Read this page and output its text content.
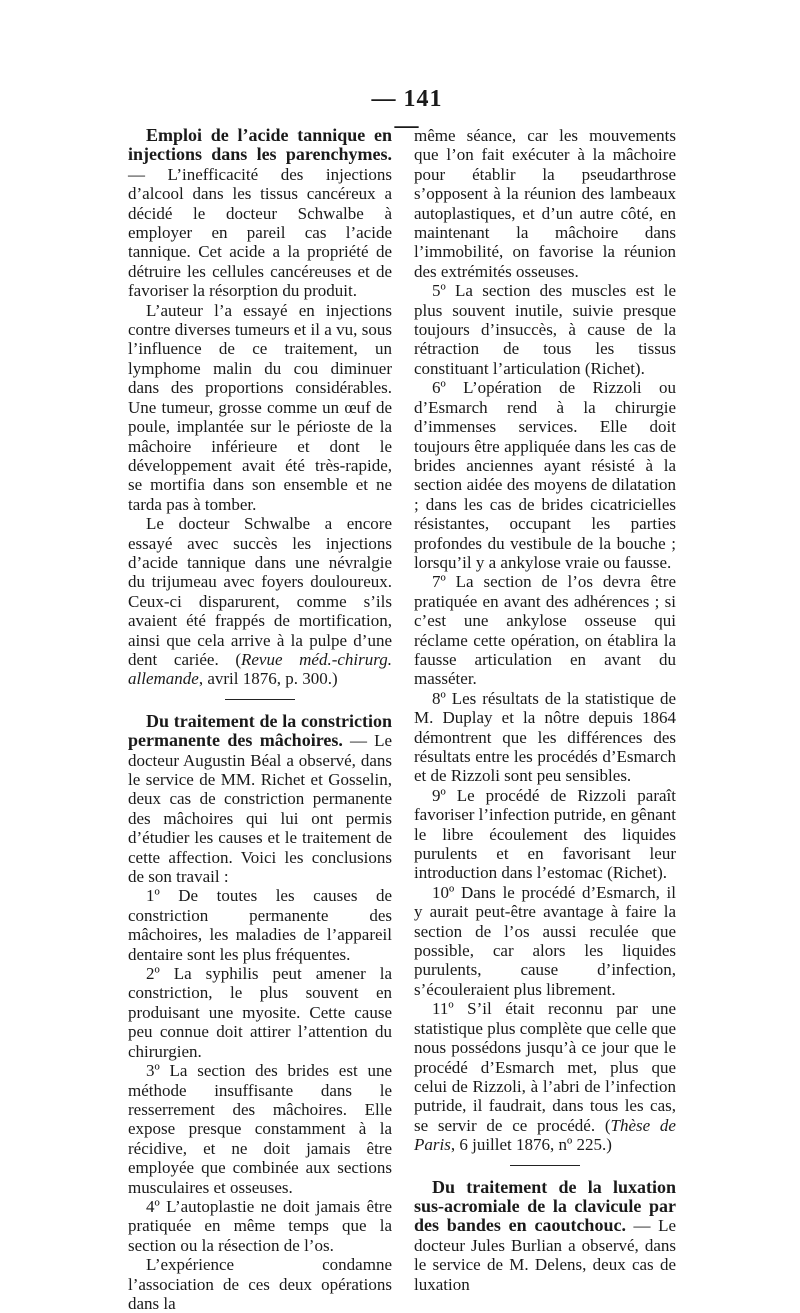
— 141 —

Emploi de l’acide tannique en injections dans les parenchymes. — L’inefficacité des injections d’alcool dans les tissus cancéreux a décidé le docteur Schwalbe à employer en pareil cas l’acide tannique. Cet acide a la propriété de détruire les cellules cancéreuses et de favoriser la résorption du produit.

L’auteur l’a essayé en injections contre diverses tumeurs et il a vu, sous l’influence de ce traitement, un lymphome malin du cou diminuer dans des proportions considérables. Une tumeur, grosse comme un œuf de poule, implantée sur le périoste de la mâchoire inférieure et dont le développement avait été très-rapide, se mortifia dans son ensemble et ne tarda pas à tomber.

Le docteur Schwalbe a encore essayé avec succès les injections d’acide tannique dans une névralgie du trijumeau avec foyers douloureux. Ceux-ci disparurent, comme s’ils avaient été frappés de mortification, ainsi que cela arrive à la pulpe d’une dent cariée. (Revue méd.-chirurg. allemande, avril 1876, p. 300.)

Du traitement de la constriction permanente des mâchoires. — Le docteur Augustin Béal a observé, dans le service de MM. Richet et Gosselin, deux cas de constriction permanente des mâchoires qui lui ont permis d’étudier les causes et le traitement de cette affection. Voici les conclusions de son travail :

1º De toutes les causes de constriction permanente des mâchoires, les maladies de l’appareil dentaire sont les plus fréquentes.

2º La syphilis peut amener la constriction, le plus souvent en produisant une myosite. Cette cause peu connue doit attirer l’attention du chirurgien.

3º La section des brides est une méthode insuffisante dans le resserrement des mâchoires. Elle expose presque constamment à la récidive, et ne doit jamais être employée que combinée aux sections musculaires et osseuses.

4º L’autoplastie ne doit jamais être pratiquée en même temps que la section ou la résection de l’os.

L’expérience condamne l’association de ces deux opérations dans la

même séance, car les mouvements que l’on fait exécuter à la mâchoire pour établir la pseudarthrose s’opposent à la réunion des lambeaux autoplastiques, et d’un autre côté, en maintenant la mâchoire dans l’immobilité, on favorise la réunion des extrémités osseuses.

5º La section des muscles est le plus souvent inutile, suivie presque toujours d’insuccès, à cause de la rétraction de tous les tissus constituant l’articulation (Richet).

6º L’opération de Rizzoli ou d’Esmarch rend à la chirurgie d’immenses services. Elle doit toujours être appliquée dans les cas de brides anciennes ayant résisté à la section aidée des moyens de dilatation ; dans les cas de brides cicatricielles résistantes, occupant les parties profondes du vestibule de la bouche ; lorsqu’il y a ankylose vraie ou fausse.

7º La section de l’os devra être pratiquée en avant des adhérences ; si c’est une ankylose osseuse qui réclame cette opération, on établira la fausse articulation en avant du masséter.

8º Les résultats de la statistique de M. Duplay et la nôtre depuis 1864 démontrent que les différences des résultats entre les procédés d’Esmarch et de Rizzoli sont peu sensibles.

9º Le procédé de Rizzoli paraît favoriser l’infection putride, en gênant le libre écoulement des liquides purulents et en favorisant leur introduction dans l’estomac (Richet).

10º Dans le procédé d’Esmarch, il y aurait peut-être avantage à faire la section de l’os aussi reculée que possible, car alors les liquides purulents, cause d’infection, s’écouleraient plus librement.

11º S’il était reconnu par une statistique plus complète que celle que nous possédons jusqu’à ce jour que le procédé d’Esmarch met, plus que celui de Rizzoli, à l’abri de l’infection putride, il faudrait, dans tous les cas, se servir de ce procédé. (Thèse de Paris, 6 juillet 1876, nº 225.)

Du traitement de la luxation sus-acromiale de la clavicule par des bandes en caoutchouc. — Le docteur Jules Burlian a observé, dans le service de M. Delens, deux cas de luxation
